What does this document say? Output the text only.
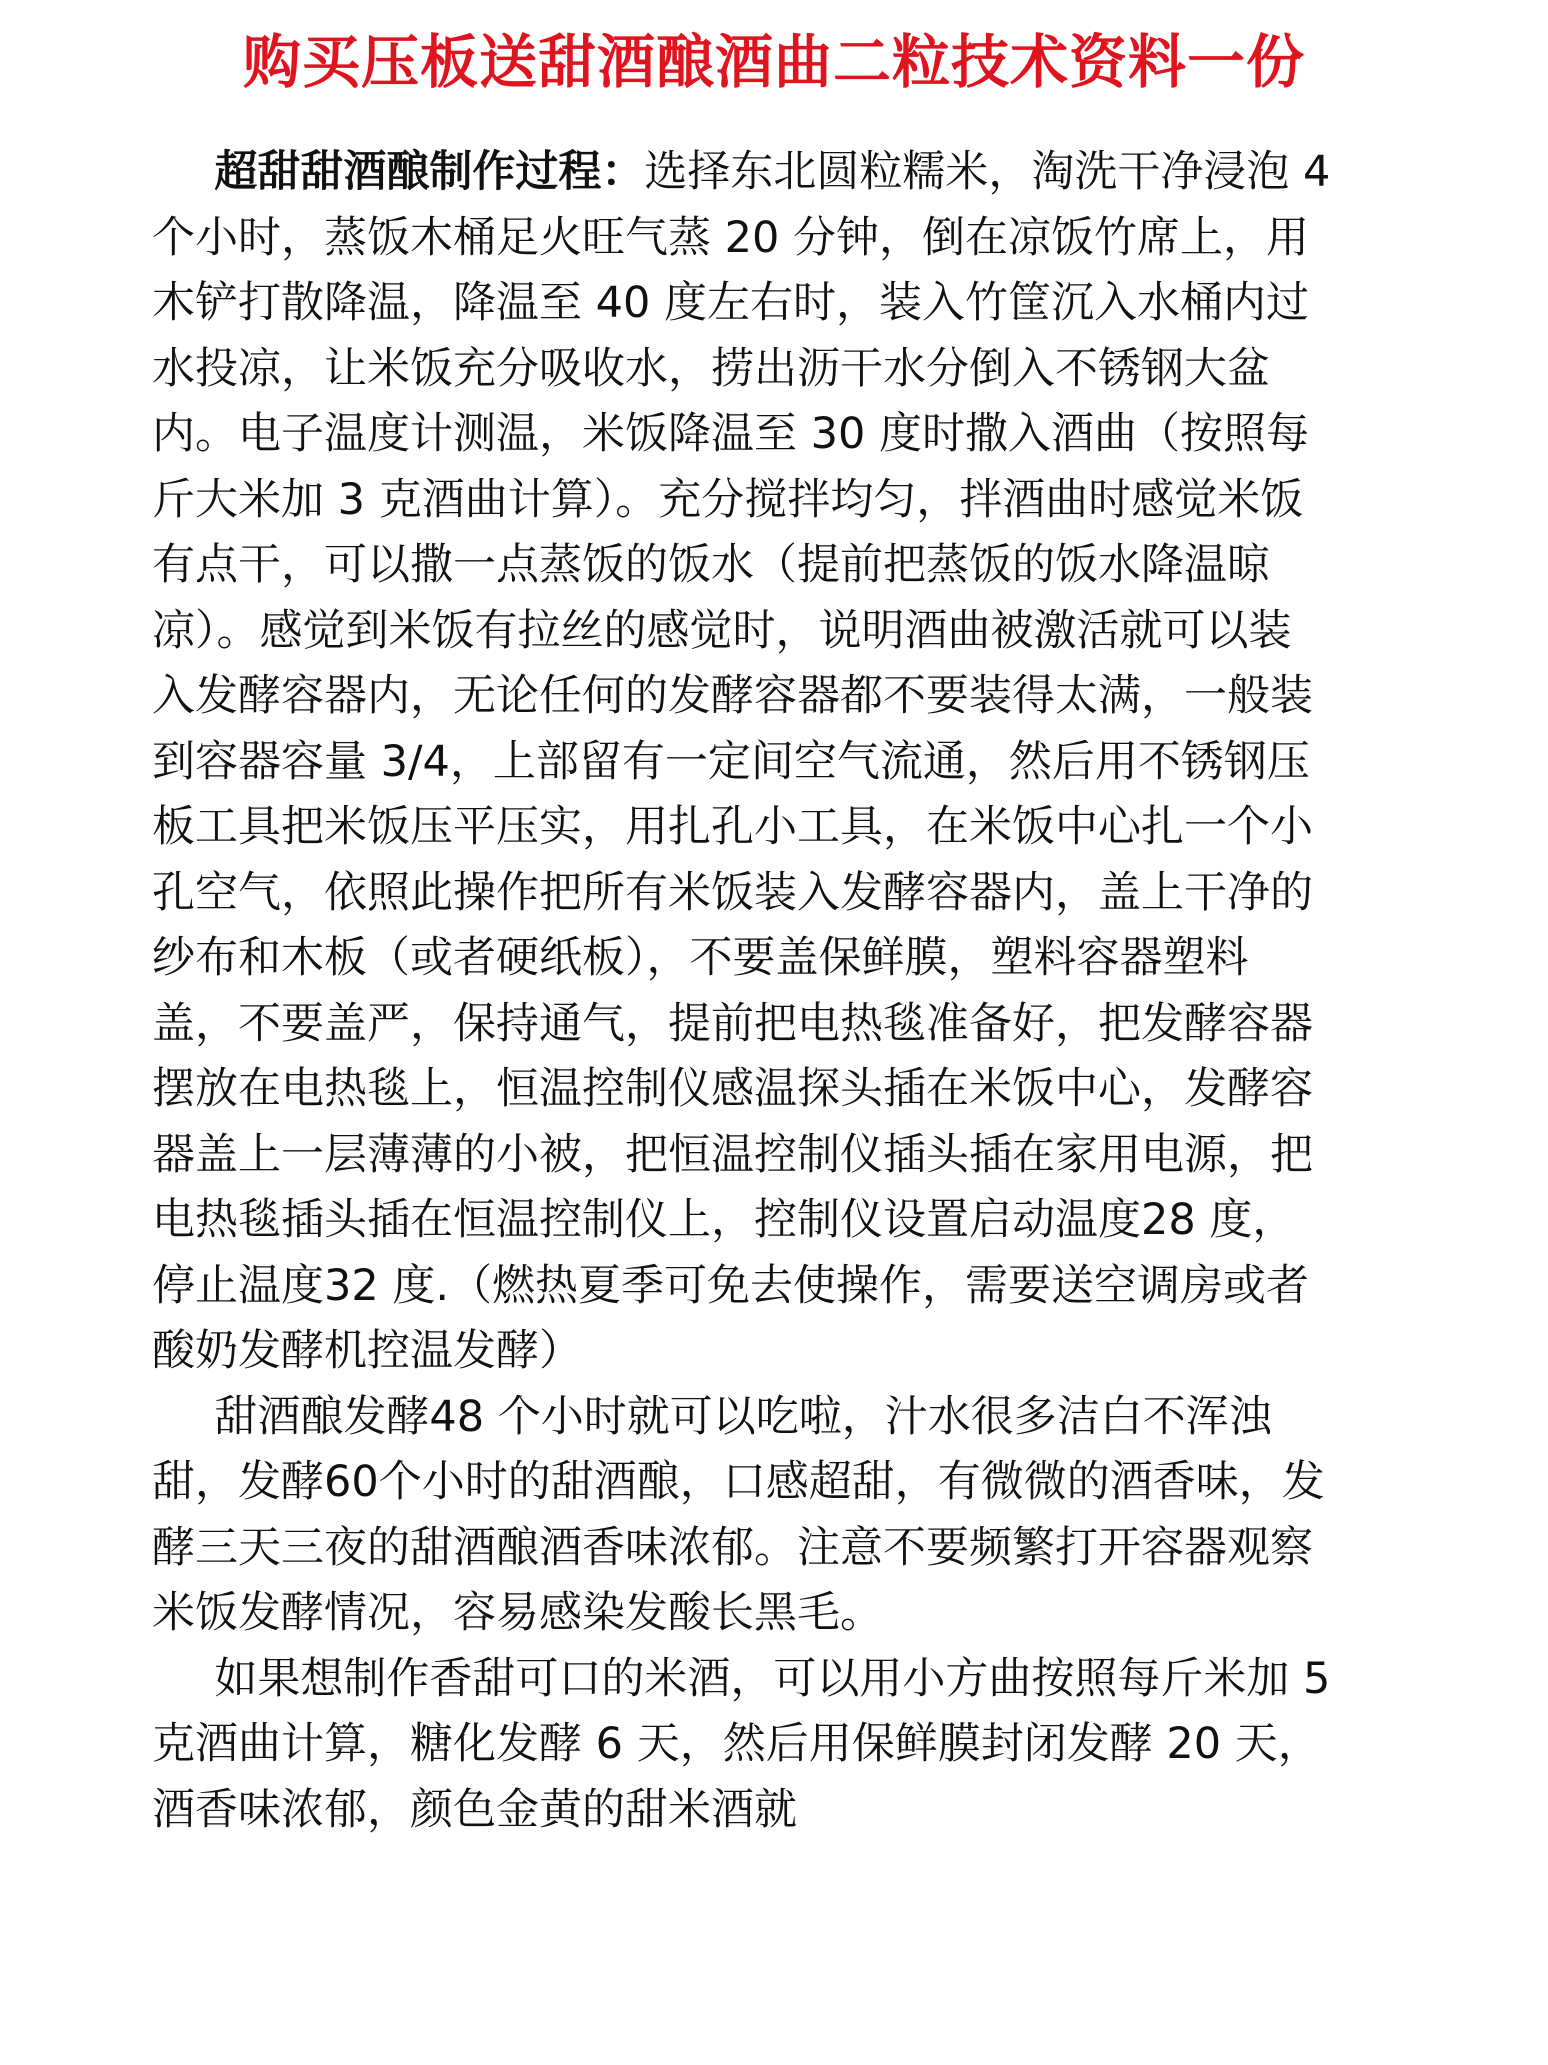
购买压板送甜酒酿酒曲二粒技术资料一份

超甜甜酒酿制作过程：选择东北圆粒糯米，淘洗干净浸泡 4 个小时，蒸饭木桶足火旺气蒸 20 分钟，倒在凉饭竹席上，用木铲打散降温，降温至 40 度左右时，装入竹筐沉入水桶内过水投凉，让米饭充分吸收水，捞出沥干水分倒入不锈钢大盆内。电子温度计测温，米饭降温至 30 度时撒入酒曲（按照每斤大米加 3 克酒曲计算）。充分搅拌均匀，拌酒曲时感觉米饭有点干，可以撒一点蒸饭的饭水（提前把蒸饭的饭水降温晾凉）。感觉到米饭有拉丝的感觉时，说明酒曲被激活就可以装入发酵容器内，无论任何的发酵容器都不要装得太满，一般装到容器容量 3/4，上部留有一定间空气流通，然后用不锈钢压板工具把米饭压平压实，用扎孔小工具，在米饭中心扎一个小孔空气，依照此操作把所有米饭装入发酵容器内，盖上干净的纱布和木板（或者硬纸板），不要盖保鲜膜，塑料容器塑料盖，不要盖严，保持通气，提前把电热毯准备好，把发酵容器摆放在电热毯上，恒温控制仪感温探头插在米饭中心，发酵容器盖上一层薄薄的小被，把恒温控制仪插头插在家用电源，把电热毯插头插在恒温控制仪上，控制仪设置启动温度28 度，停止温度32 度.（燃热夏季可免去使操作，需要送空调房或者酸奶发酵机控温发酵）

甜酒酿发酵48 个小时就可以吃啦，汁水很多洁白不浑浊甜，发酵60个小时的甜酒酿，口感超甜，有微微的酒香味，发酵三天三夜的甜酒酿酒香味浓郁。注意不要频繁打开容器观察米饭发酵情况，容易感染发酸长黑毛。

如果想制作香甜可口的米酒，可以用小方曲按照每斤米加 5 克酒曲计算，糖化发酵 6 天，然后用保鲜膜封闭发酵 20 天，酒香味浓郁，颜色金黄的甜米酒就
